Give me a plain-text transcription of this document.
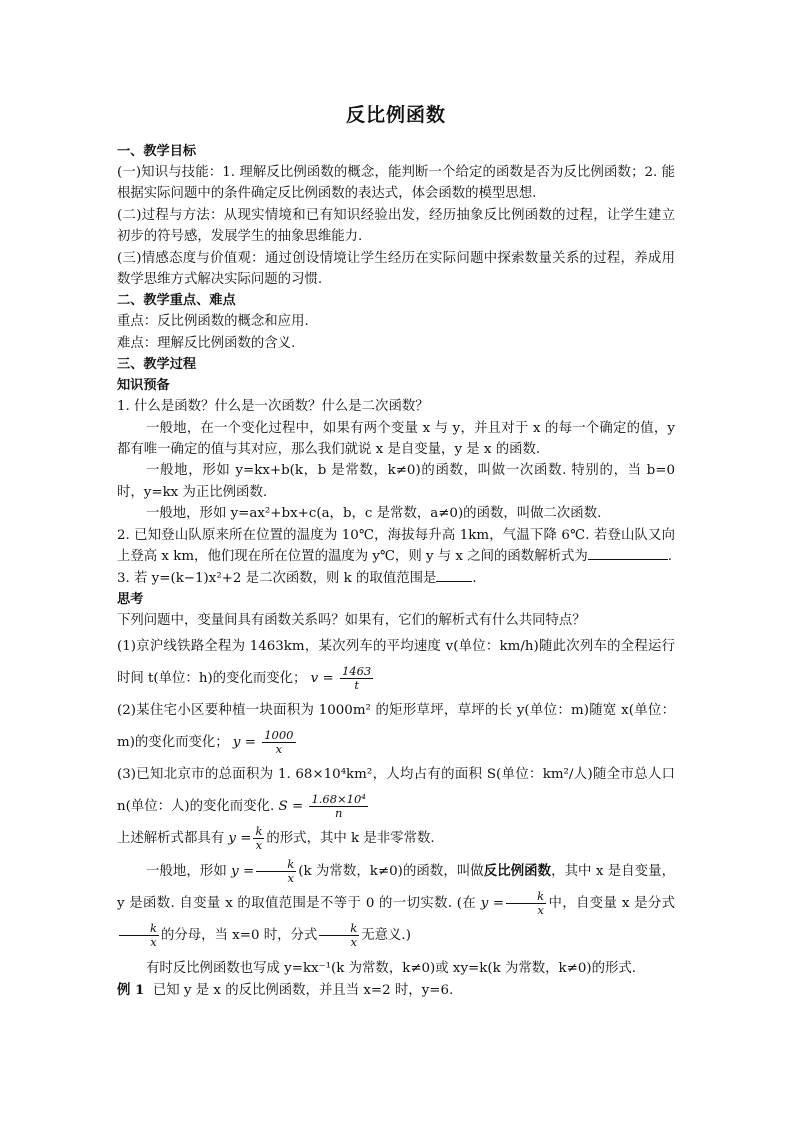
反比例函数
一、教学目标
(一)知识与技能：1. 理解反比例函数的概念，能判断一个给定的函数是否为反比例函数；2. 能根据实际问题中的条件确定反比例函数的表达式，体会函数的模型思想.
(二)过程与方法：从现实情境和已有知识经验出发，经历抽象反比例函数的过程，让学生建立初步的符号感，发展学生的抽象思维能力.
(三)情感态度与价值观：通过创设情境让学生经历在实际问题中探索数量关系的过程，养成用数学思维方式解决实际问题的习惯.
二、教学重点、难点
重点：反比例函数的概念和应用.
难点：理解反比例函数的含义.
三、教学过程
知识预备
1. 什么是函数？什么是一次函数？什么是二次函数？
一般地，在一个变化过程中，如果有两个变量 x 与 y，并且对于 x 的每一个确定的值，y 都有唯一确定的值与其对应，那么我们就说 x 是自变量，y 是 x 的函数.
一般地，形如 y=kx+b(k，b 是常数，k≠0)的函数，叫做一次函数. 特别的，当 b=0 时，y=kx 为正比例函数.
一般地，形如 y=ax²+bx+c(a，b，c 是常数，a≠0)的函数，叫做二次函数.
2. 已知登山队原来所在位置的温度为 10℃，海拔每升高 1km，气温下降 6℃. 若登山队又向上登高 x km，他们现在所在位置的温度为 y℃，则 y 与 x 之间的函数解析式为	.
3. 若 y=(k−1)x²+2 是二次函数，则 k 的取值范围是	.
思考
下列问题中，变量间具有函数关系吗？如果有，它们的解析式有什么共同特点？
(1)京沪线铁路全程为 1463km，某次列车的平均速度 v(单位：km/h)随此次列车的全程运行时间 t(单位：h)的变化而变化； $v = \frac{1463}{t}$
(2)某住宅小区要种植一块面积为 1000m² 的矩形草坪，草坪的长 y(单位：m)随宽 x(单位：m)的变化而变化； $y = \frac{1000}{x}$
(3)已知北京市的总面积为 1. 68×10⁴km²，人均占有的面积 S(单位：km²/人)随全市总人口 n(单位：人)的变化而变化. $S = \frac{\text{1.68×10⁴}}{n}$
上述解析式都具有 $y = \frac{k}{x}$ 的形式，其中 k 是非零常数.
一般地，形如 $y = \frac{k}{x} (k$ 为常数，k≠0)的函数，叫做反比例函数，其中 x 是自变量，y 是函数. 自变量 x 的取值范围是不等于 0 的一切实数. (在 $y = \frac{k}{x}$ 中，自变量 x 是分式
$\frac{k}{x}$ 的分母，当 x=0 时，分式 $\frac{k}{x}$ 无意义.)
有时反比例函数也写成 y=kx⁻¹(k 为常数，k≠0)或 xy=k(k 为常数，k≠0)的形式.
例 1 已知 y 是 x 的反比例函数，并且当 x=2 时，y=6.
